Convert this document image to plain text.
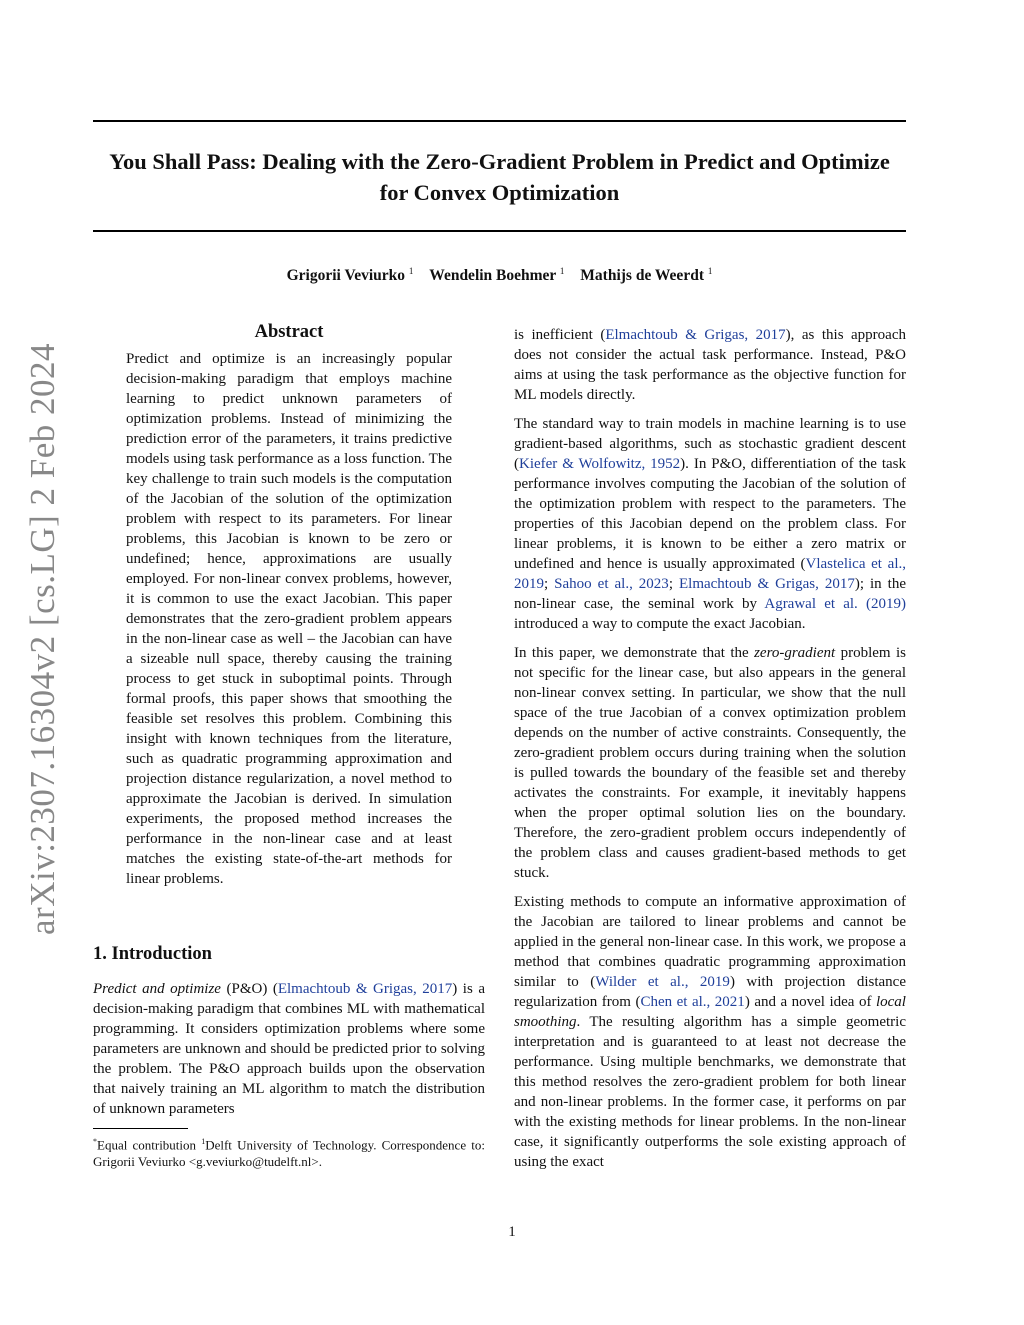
You Shall Pass: Dealing with the Zero-Gradient Problem in Predict and Optimize for Convex Optimization
Grigorii Veviurko $^1$ Wendelin Boehmer $^1$ Mathijs de Weerdt $^1$
arXiv:2307.16304v2 [cs.LG] 2 Feb 2024
Abstract

Predict and optimize is an increasingly popular decision-making paradigm that employs machine learning to predict unknown parameters of optimization problems. Instead of minimizing the prediction error of the parameters, it trains predictive models using task performance as a loss function. The key challenge to train such models is the computation of the Jacobian of the solution of the optimization problem with respect to its parameters. For linear problems, this Jacobian is known to be zero or undefined; hence, approximations are usually employed. For non-linear convex problems, however, it is common to use the exact Jacobian. This paper demonstrates that the zero-gradient problem appears in the non-linear case as well – the Jacobian can have a sizeable null space, thereby causing the training process to get stuck in suboptimal points. Through formal proofs, this paper shows that smoothing the feasible set resolves this problem. Combining this insight with known techniques from the literature, such as quadratic programming approximation and projection distance regularization, a novel method to approximate the Jacobian is derived. In simulation experiments, the proposed method increases the performance in the non-linear case and at least matches the existing state-of-the-art methods for linear problems.

1. Introduction

Predict and optimize (P&O) (Elmachtoub & Grigas, 2017) is a decision-making paradigm that combines ML with mathematical programming. It considers optimization problems where some parameters are unknown and should be predicted prior to solving the problem. The P&O approach builds upon the observation that naively training an ML algorithm to match the distribution of unknown parameters

*Equal contribution $^1$Delft University of Technology. Correspondence to: Grigorii Veviurko <g.veviurko@tudelft.nl>.

is inefficient (Elmachtoub & Grigas, 2017), as this approach does not consider the actual task performance. Instead, P&O aims at using the task performance as the objective function for ML models directly.

The standard way to train models in machine learning is to use gradient-based algorithms, such as stochastic gradient descent (Kiefer & Wolfowitz, 1952). In P&O, differentiation of the task performance involves computing the Jacobian of the solution of the optimization problem with respect to the parameters. The properties of this Jacobian depend on the problem class. For linear problems, it is known to be either a zero matrix or undefined and hence is usually approximated (Vlastelica et al., 2019; Sahoo et al., 2023; Elmachtoub & Grigas, 2017); in the non-linear case, the seminal work by Agrawal et al. (2019) introduced a way to compute the exact Jacobian.

In this paper, we demonstrate that the zero-gradient problem is not specific for the linear case, but also appears in the general non-linear convex setting. In particular, we show that the null space of the true Jacobian of a convex optimization problem depends on the number of active constraints. Consequently, the zero-gradient problem occurs during training when the solution is pulled towards the boundary of the feasible set and thereby activates the constraints. For example, it inevitably happens when the proper optimal solution lies on the boundary. Therefore, the zero-gradient problem occurs independently of the problem class and causes gradient-based methods to get stuck.

Existing methods to compute an informative approximation of the Jacobian are tailored to linear problems and cannot be applied in the general non-linear case. In this work, we propose a method that combines quadratic programming approximation similar to (Wilder et al., 2019) with projection distance regularization from (Chen et al., 2021) and a novel idea of local smoothing. The resulting algorithm has a simple geometric interpretation and is guaranteed to at least not decrease the performance. Using multiple benchmarks, we demonstrate that this method resolves the zero-gradient problem for both linear and non-linear problems. In the former case, it performs on par with the existing methods for linear problems. In the non-linear case, it significantly outperforms the sole existing approach of using the exact

1
